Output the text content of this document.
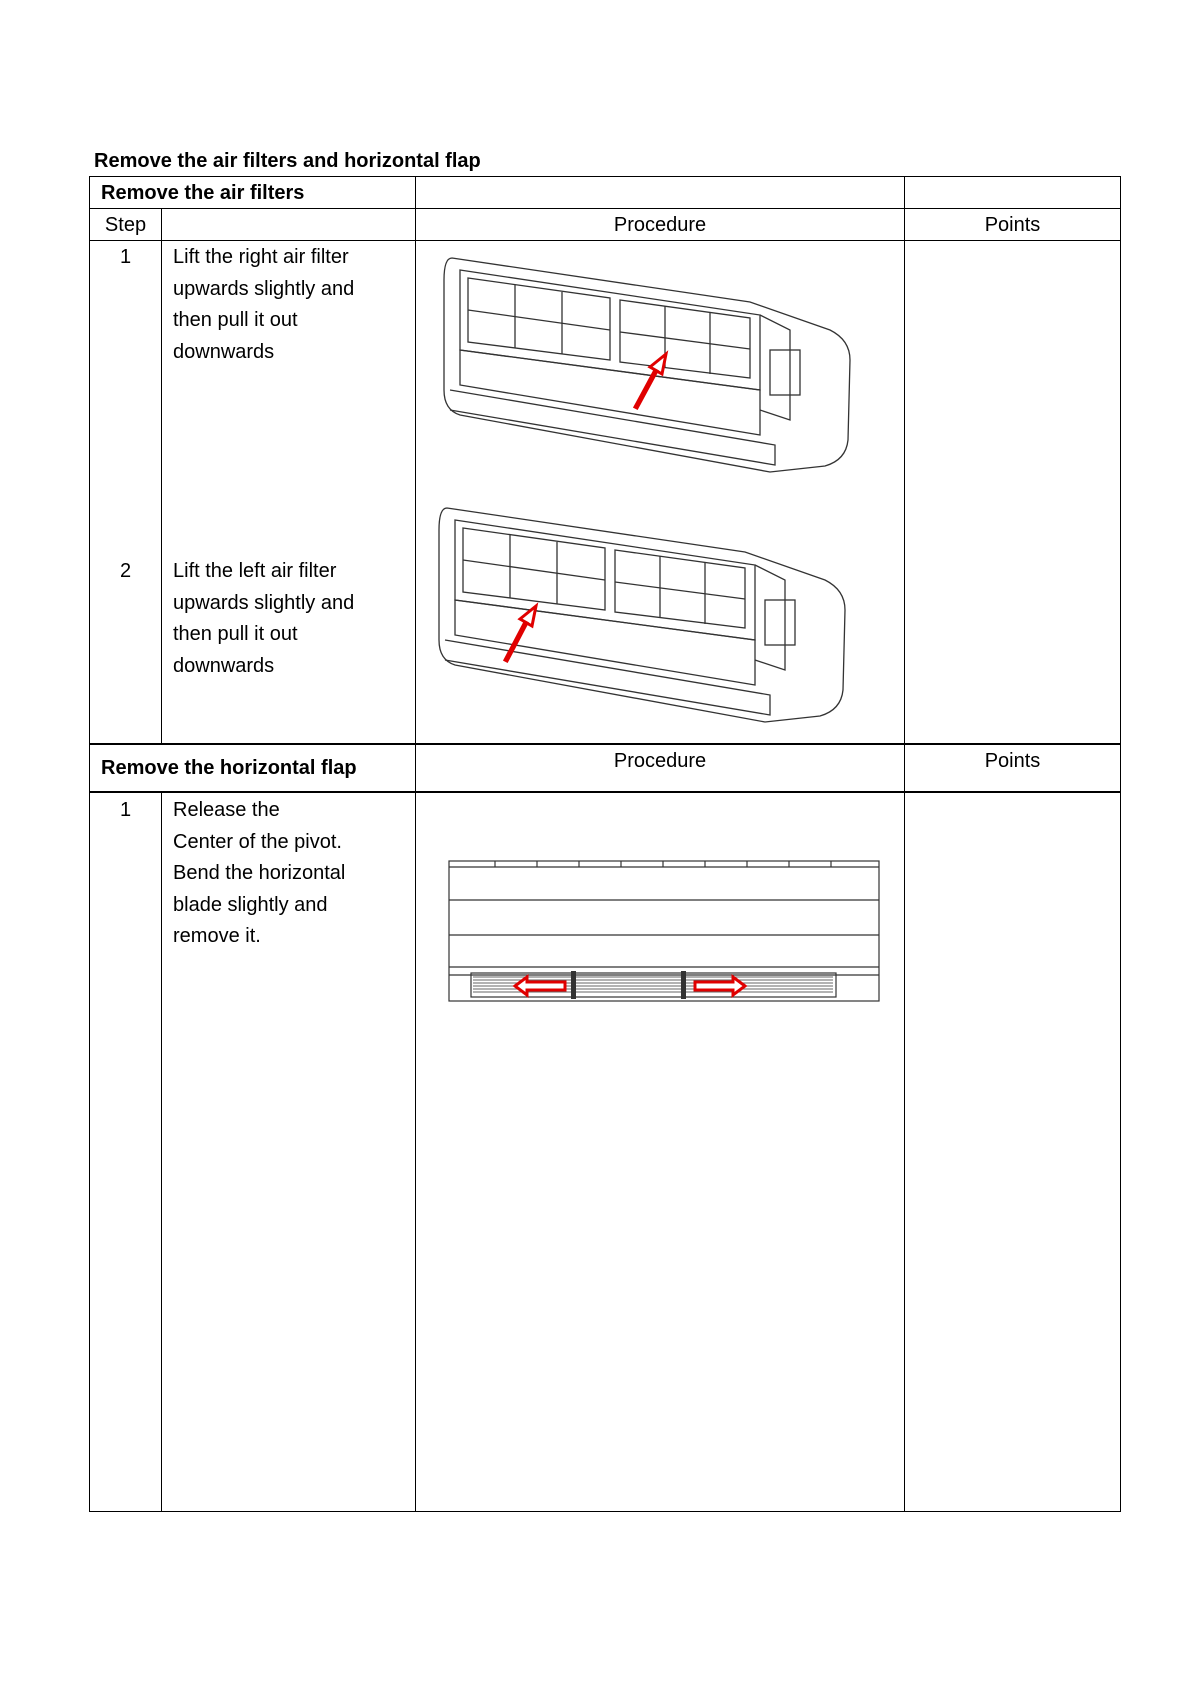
Remove the air filters and horizontal flap
Remove the air filters
Step	Procedure	Points
1	Lift the right air filter
upwards slightly and
then pull it out
downwards
2	Lift the left air filter
upwards slightly and
then pull it out
downwards
Remove the horizontal flap	Procedure	Points
1	Release the
Center of the pivot.
Bend the horizontal
blade slightly and
remove it.
